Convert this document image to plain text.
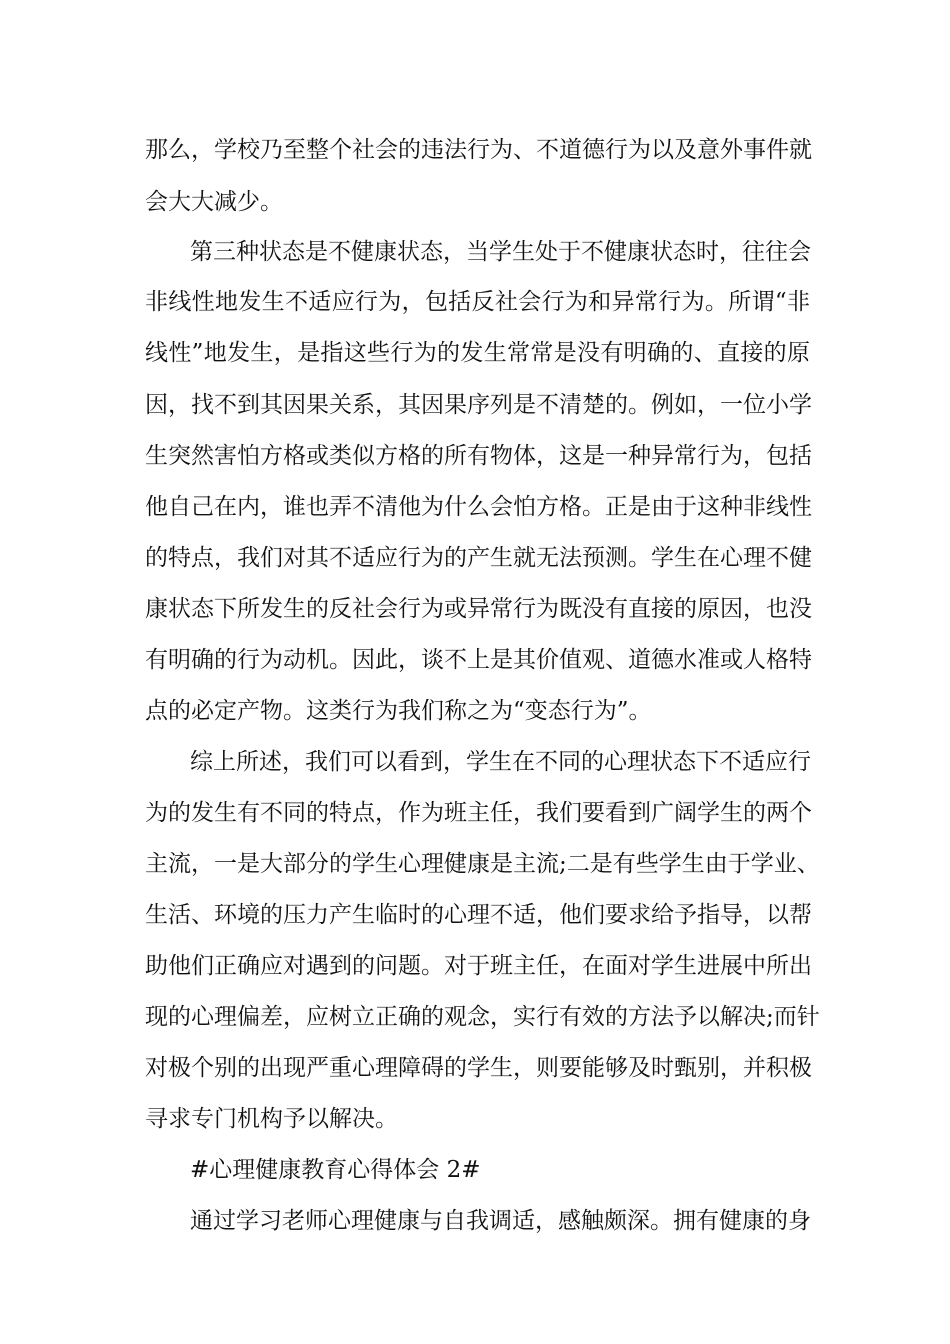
那么，学校乃至整个社会的违法行为、不道德行为以及意外事件就
会大大减少。
第三种状态是不健康状态，当学生处于不健康状态时，往往会
非线性地发生不适应行为，包括反社会行为和异常行为。所谓“非
线性”地发生，是指这些行为的发生常常是没有明确的、直接的原
因，找不到其因果关系，其因果序列是不清楚的。例如，一位小学
生突然害怕方格或类似方格的所有物体，这是一种异常行为，包括
他自己在内，谁也弄不清他为什么会怕方格。正是由于这种非线性
的特点，我们对其不适应行为的产生就无法预测。学生在心理不健
康状态下所发生的反社会行为或异常行为既没有直接的原因，也没
有明确的行为动机。因此，谈不上是其价值观、道德水准或人格特
点的必定产物。这类行为我们称之为“变态行为”。
综上所述，我们可以看到，学生在不同的心理状态下不适应行
为的发生有不同的特点，作为班主任，我们要看到广阔学生的两个
主流，一是大部分的学生心理健康是主流;二是有些学生由于学业、
生活、环境的压力产生临时的心理不适，他们要求给予指导，以帮
助他们正确应对遇到的问题。对于班主任，在面对学生进展中所出
现的心理偏差，应树立正确的观念，实行有效的方法予以解决;而针
对极个别的出现严重心理障碍的学生，则要能够及时甄别，并积极
寻求专门机构予以解决。
#心理健康教育心得体会 2#
通过学习老师心理健康与自我调适，感触颇深。拥有健康的身
